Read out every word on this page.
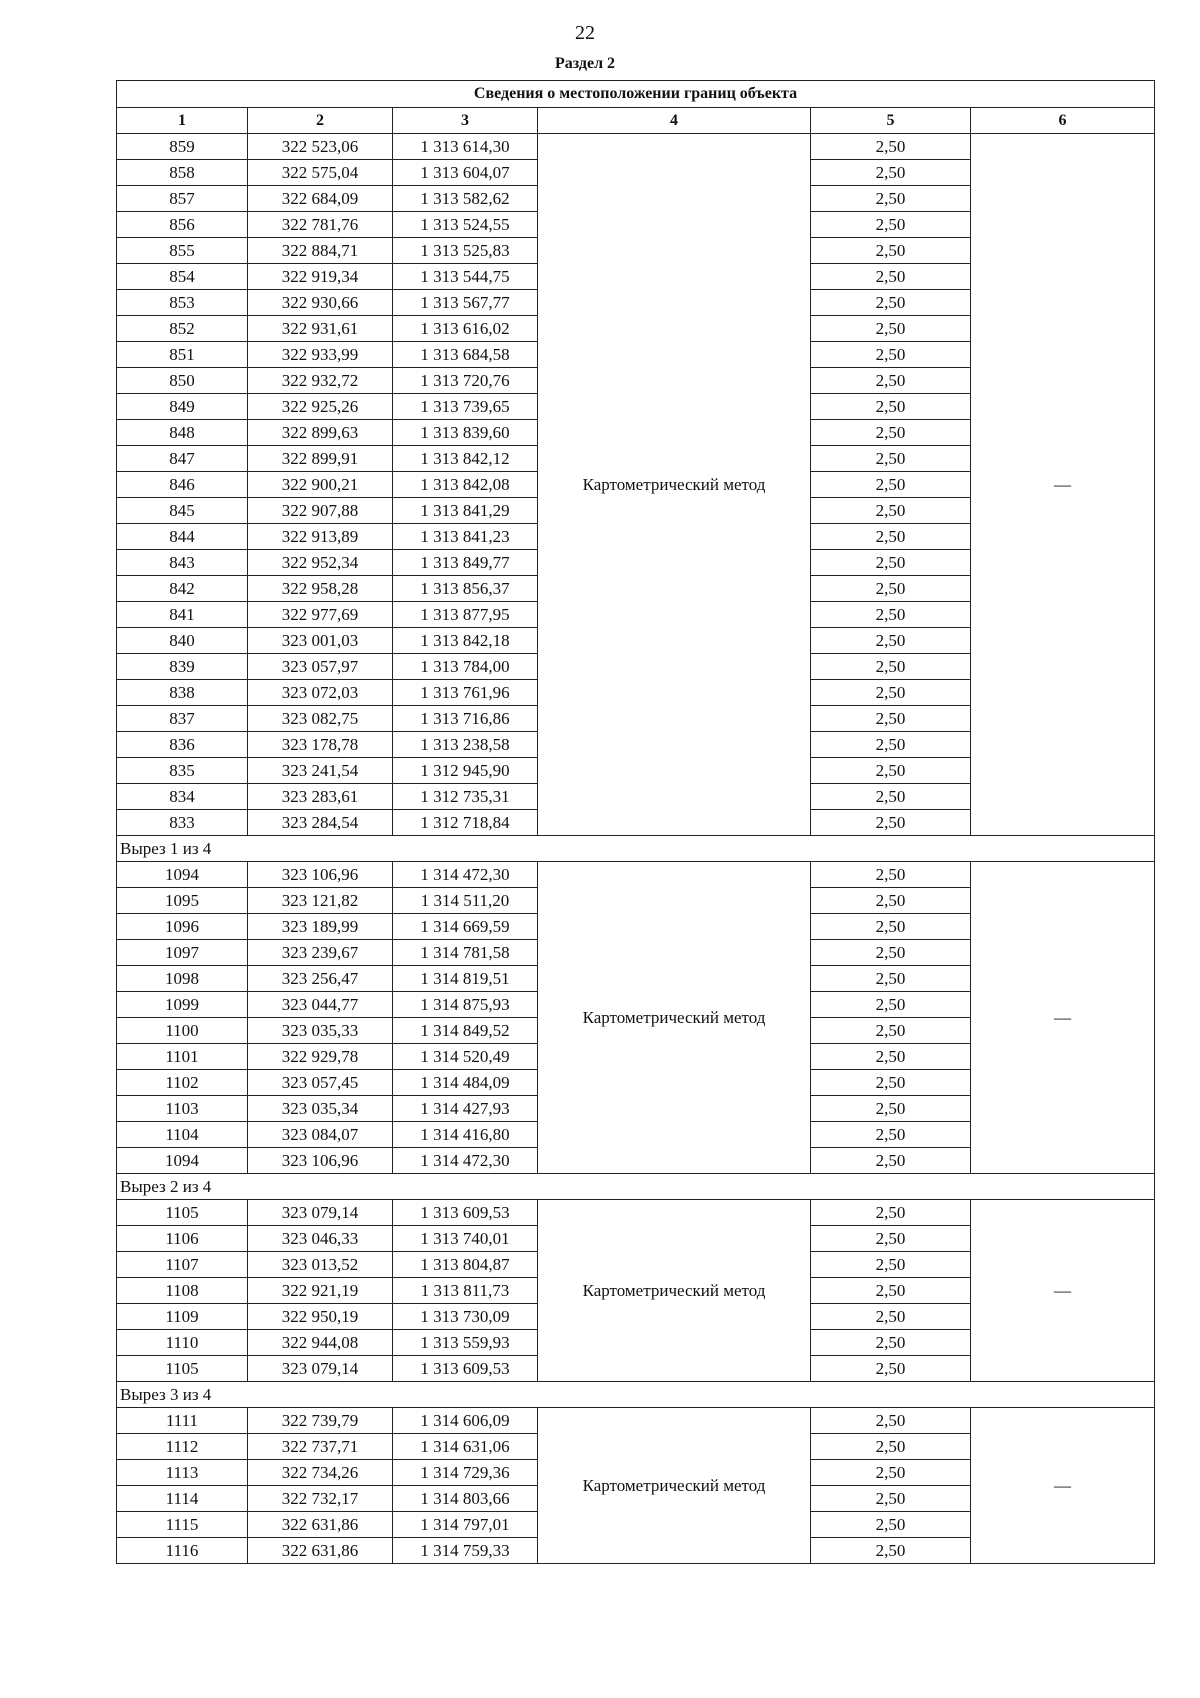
22
Раздел 2
Сведения о местоположении границ объекта					
1	2	3	4	5	6
859	322 523,06	1 313 614,30	Картометрический метод	2,50	—
858	322 575,04	1 313 604,07		2,50	
857	322 684,09	1 313 582,62		2,50	
856	322 781,76	1 313 524,55		2,50	
855	322 884,71	1 313 525,83		2,50	
854	322 919,34	1 313 544,75		2,50	
853	322 930,66	1 313 567,77		2,50	
852	322 931,61	1 313 616,02		2,50	
851	322 933,99	1 313 684,58		2,50	
850	322 932,72	1 313 720,76		2,50	
849	322 925,26	1 313 739,65		2,50	
848	322 899,63	1 313 839,60		2,50	
847	322 899,91	1 313 842,12		2,50	
846	322 900,21	1 313 842,08		2,50	
845	322 907,88	1 313 841,29		2,50	
844	322 913,89	1 313 841,23		2,50	
843	322 952,34	1 313 849,77		2,50	
842	322 958,28	1 313 856,37		2,50	
841	322 977,69	1 313 877,95		2,50	
840	323 001,03	1 313 842,18		2,50	
839	323 057,97	1 313 784,00		2,50	
838	323 072,03	1 313 761,96		2,50	
837	323 082,75	1 313 716,86		2,50	
836	323 178,78	1 313 238,58		2,50	
835	323 241,54	1 312 945,90		2,50	
834	323 283,61	1 312 735,31		2,50	
833	323 284,54	1 312 718,84		2,50	
Вырез 1 из 4					
1094	323 106,96	1 314 472,30	Картометрический метод	2,50	—
1095	323 121,82	1 314 511,20		2,50	
1096	323 189,99	1 314 669,59		2,50	
1097	323 239,67	1 314 781,58		2,50	
1098	323 256,47	1 314 819,51		2,50	
1099	323 044,77	1 314 875,93		2,50	
1100	323 035,33	1 314 849,52		2,50	
1101	322 929,78	1 314 520,49		2,50	
1102	323 057,45	1 314 484,09		2,50	
1103	323 035,34	1 314 427,93		2,50	
1104	323 084,07	1 314 416,80		2,50	
1094	323 106,96	1 314 472,30		2,50	
Вырез 2 из 4					
1105	323 079,14	1 313 609,53	Картометрический метод	2,50	—
1106	323 046,33	1 313 740,01		2,50	
1107	323 013,52	1 313 804,87		2,50	
1108	322 921,19	1 313 811,73		2,50	
1109	322 950,19	1 313 730,09		2,50	
1110	322 944,08	1 313 559,93		2,50	
1105	323 079,14	1 313 609,53		2,50	
Вырез 3 из 4					
1111	322 739,79	1 314 606,09	Картометрический метод	2,50	—
1112	322 737,71	1 314 631,06		2,50	
1113	322 734,26	1 314 729,36		2,50	
1114	322 732,17	1 314 803,66		2,50	
1115	322 631,86	1 314 797,01		2,50	
1116	322 631,86	1 314 759,33		2,50	
